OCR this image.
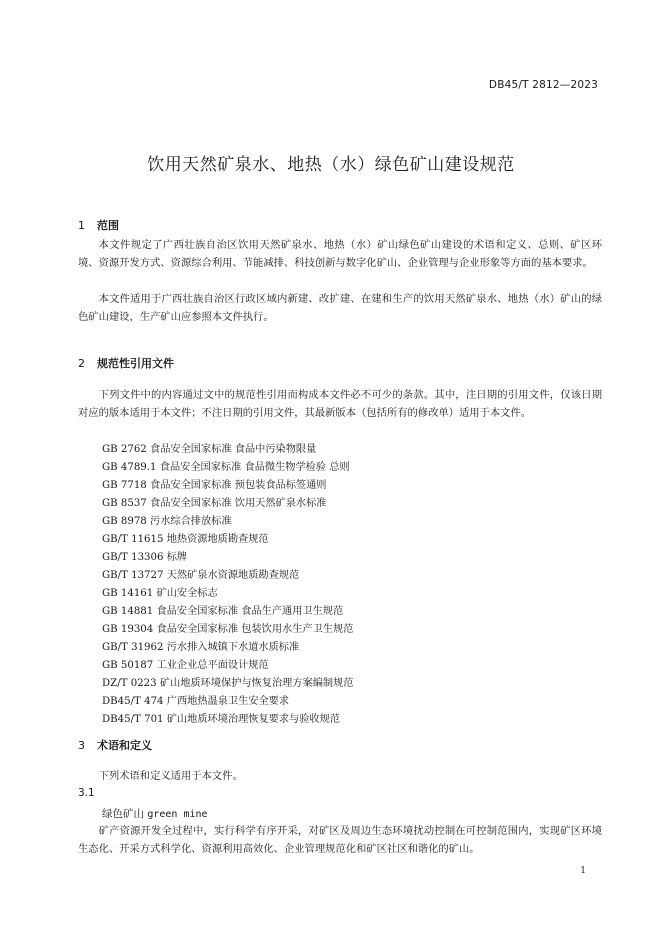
DB45/T 2812—2023
饮用天然矿泉水、地热（水）绿色矿山建设规范
1 范围

本文件规定了广西壮族自治区饮用天然矿泉水、地热（水）矿山绿色矿山建设的术语和定义、总则、矿区环境、资源开发方式、资源综合利用、节能减排、科技创新与数字化矿山、企业管理与企业形象等方面的基本要求。

本文件适用于广西壮族自治区行政区域内新建、改扩建、在建和生产的饮用天然矿泉水、地热（水）矿山的绿色矿山建设，生产矿山应参照本文件执行。

2 规范性引用文件

下列文件中的内容通过文中的规范性引用而构成本文件必不可少的条款。其中，注日期的引用文件，仅该日期对应的版本适用于本文件；不注日期的引用文件，其最新版本（包括所有的修改单）适用于本文件。

GB 2762 食品安全国家标准 食品中污染物限量
GB 4789.1 食品安全国家标准 食品微生物学检验 总则
GB 7718 食品安全国家标准 预包装食品标签通则
GB 8537 食品安全国家标准 饮用天然矿泉水标准
GB 8978 污水综合排放标准
GB/T 11615 地热资源地质勘查规范
GB/T 13306 标牌
GB/T 13727 天然矿泉水资源地质勘查规范
GB 14161 矿山安全标志
GB 14881 食品安全国家标准 食品生产通用卫生规范
GB 19304 食品安全国家标准 包装饮用水生产卫生规范
GB/T 31962 污水排入城镇下水道水质标准
GB 50187 工业企业总平面设计规范
DZ/T 0223 矿山地质环境保护与恢复治理方案编制规范
DB45/T 474 广西地热温泉卫生安全要求
DB45/T 701 矿山地质环境治理恢复要求与验收规范
3 术语和定义

下列术语和定义适用于本文件。

3.1
绿色矿山 green mine

矿产资源开发全过程中，实行科学有序开采，对矿区及周边生态环境扰动控制在可控制范围内，实现矿区环境生态化、开采方式科学化、资源利用高效化、企业管理规范化和矿区社区和谐化的矿山。

1
